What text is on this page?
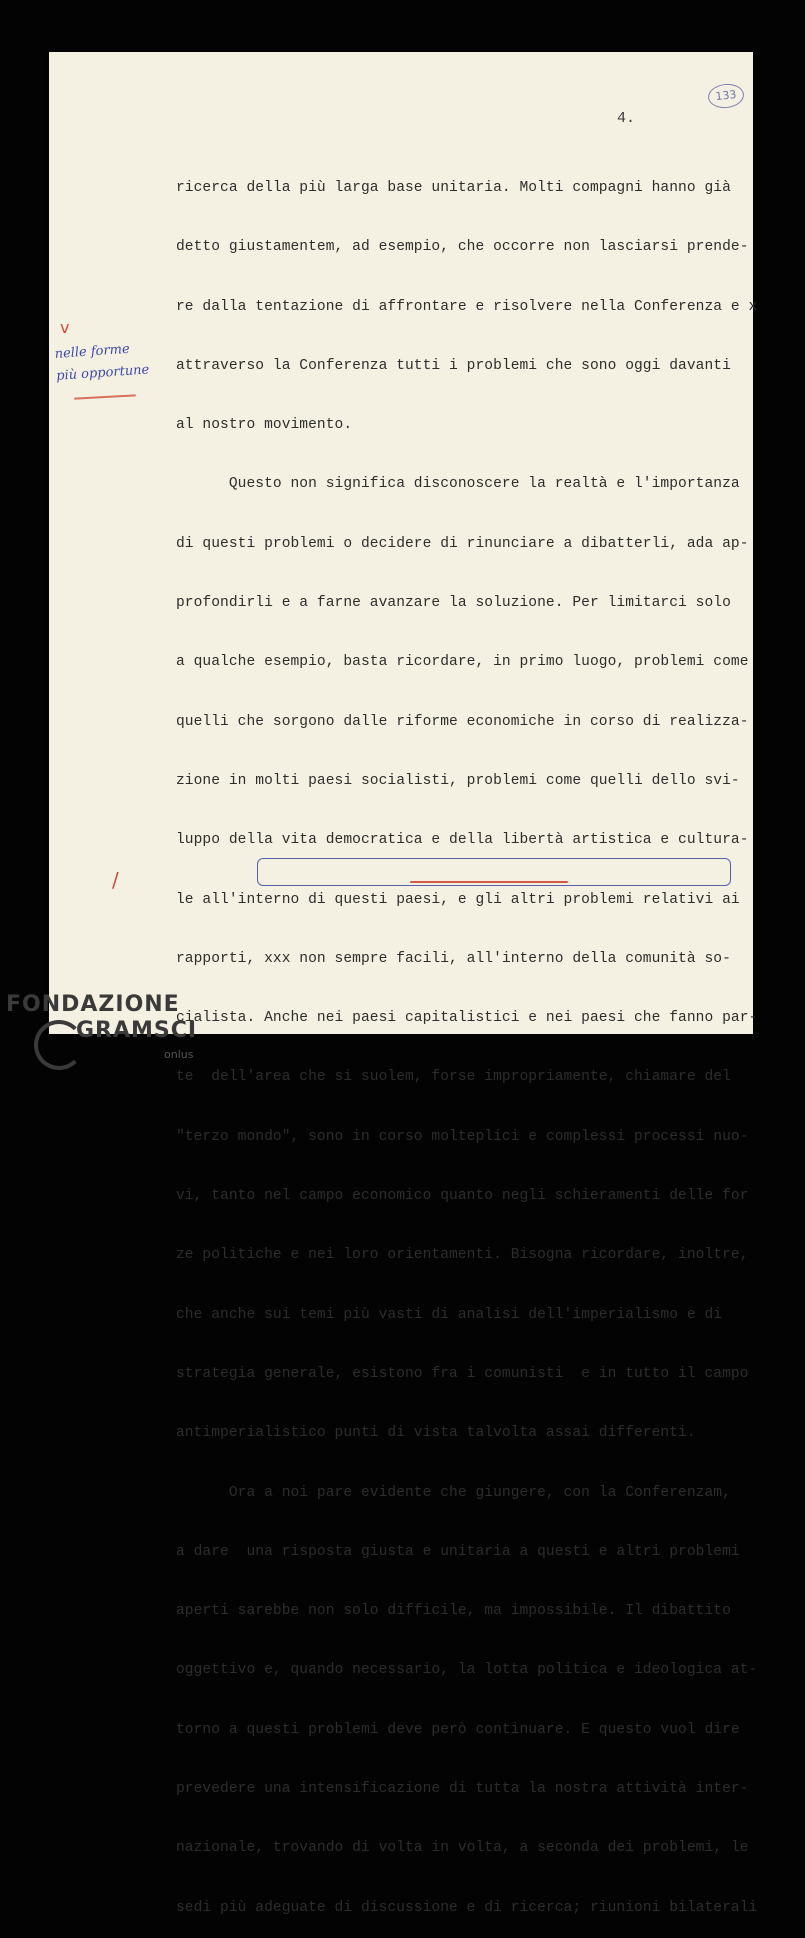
4.
133

ricerca della più larga base unitaria. Molti compagni hanno già

detto giustamentem, ad esempio, che occorre non lasciarsi prende-

re dalla tentazione di affrontare e risolvere nella Conferenza e x

attraverso la Conferenza tutti i problemi che sono oggi davanti

al nostro movimento.

Questo non significa disconoscere la realtà e l'importanza

di questi problemi o decidere di rinunciare a dibatterli, ada ap-

profondirli e a farne avanzare la soluzione. Per limitarci solo

a qualche esempio, basta ricordare, in primo luogo, problemi come

quelli che sorgono dalle riforme economiche in corso di realizza-

zione in molti paesi socialisti, problemi come quelli dello svi-

luppo della vita democratica e della libertà artistica e cultura-

le all'interno di questi paesi, e gli altri problemi relativi ai

rapporti, xxx non sempre facili, all'interno della comunità so-

cialista. Anche nei paesi capitalistici e nei paesi che fanno par-

te  dell'area che si suolem, forse impropriamente, chiamare del

"terzo mondo", sono in corso molteplici e complessi processi nuo-

vi, tanto nel campo economico quanto negli schieramenti delle for

ze politiche e nei loro orientamenti. Bisogna ricordare, inoltre,

che anche sui temi più vasti di analisi dell'imperialismo e di

strategia generale, esistono fra i comunisti  e in tutto il campo

antimperialistico punti di vista talvolta assai differenti.

Ora a noi pare evidente che giungere, con la Conferenzam,

a dare  una risposta giusta e unitaria a questi e altri problemi

aperti sarebbe non solo difficile, ma impossibile. Il dibattito

oggettivo e, quando necessario, la lotta politica e ideologica at-

torno a questi problemi deve però continuare. E questo vuol dire

prevedere una intensificazione di tutta la nostra attività inter-

nazionale, trovando di volta in volta, a seconda dei problemi, le

sedi più adeguate di discussione e di ricerca; riunioni bilaterali

v
nelle forme
più opportune
/
FONDAZIONE
GRAMSCI
onlus
